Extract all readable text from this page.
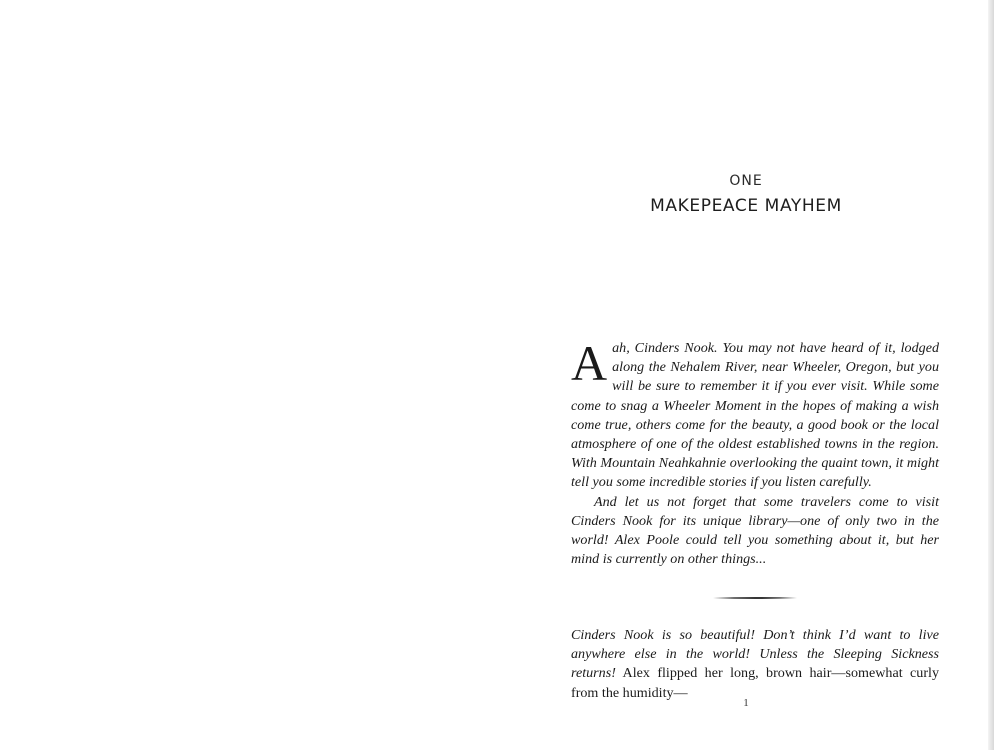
ONE
MAKEPEACE MAYHEM

Aah, Cinders Nook. You may not have heard of it, lodged along the Nehalem River, near Wheeler, Oregon, but you will be sure to remember it if you ever visit. While some come to snag a Wheeler Moment in the hopes of making a wish come true, others come for the beauty, a good book or the local atmosphere of one of the oldest established towns in the region. With Mountain Neahkahnie overlooking the quaint town, it might tell you some incredible stories if you listen carefully.

And let us not forget that some travelers come to visit Cinders Nook for its unique library—one of only two in the world! Alex Poole could tell you something about it, but her mind is currently on other things...

Cinders Nook is so beautiful! Don’t think I’d want to live anywhere else in the world! Unless the Sleeping Sickness returns! Alex flipped her long, brown hair—somewhat curly from the humidity—

1
